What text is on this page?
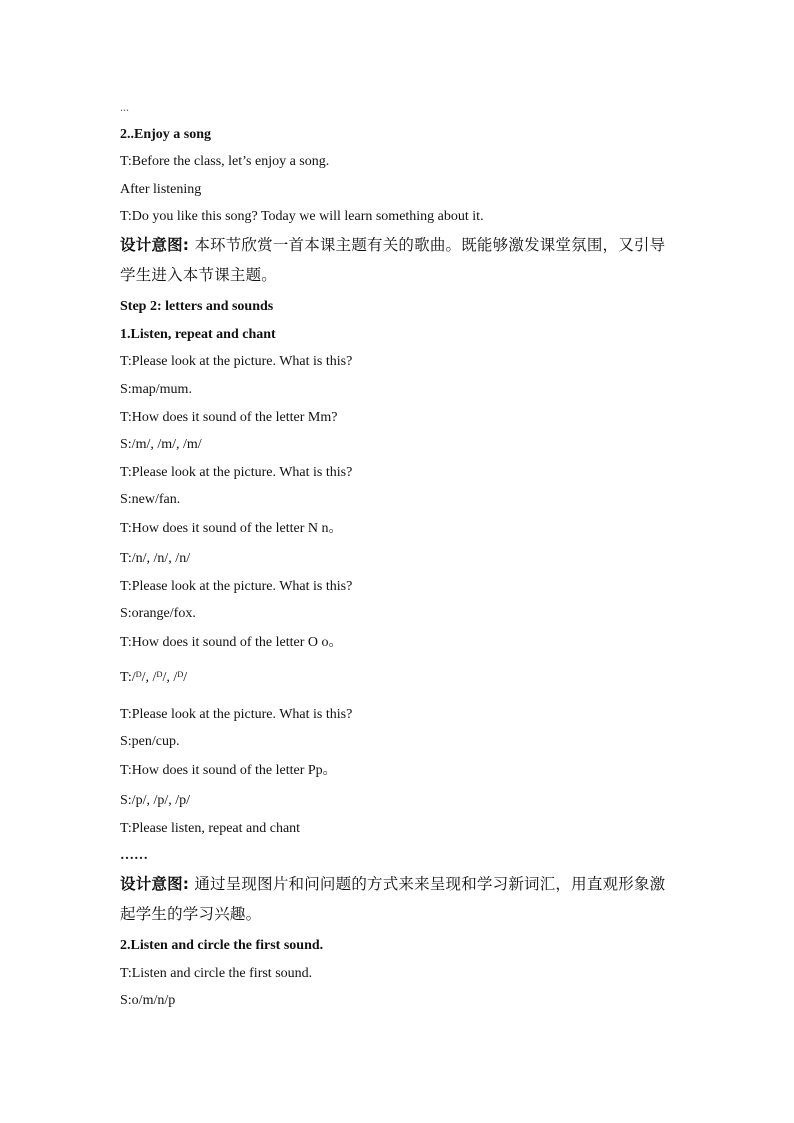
...
2..Enjoy a song
T:Before the class, let’s enjoy a song.
After listening
T:Do you like this song? Today we will learn something about it.
设计意图: 本环节欣赏一首本课主题有关的歌曲。既能够激发课堂氛围，又引导
学生进入本节课主题。
Step 2: letters and sounds
1.Listen, repeat and chant
T:Please look at the picture. What is this?
S:map/mum.
T:How does it sound of the letter Mm?
S:/m/, /m/, /m/
T:Please look at the picture. What is this?
S:new/fan.
T:How does it sound of the letter N n。
T:/n/, /n/, /n/
T:Please look at the picture. What is this?
S:orange/fox.
T:How does it sound of the letter O o。
T:/ᴰ/, /ᴰ/, /ᴰ/
T:Please look at the picture. What is this?
S:pen/cup.
T:How does it sound of the letter Pp。
S:/p/, /p/, /p/
T:Please listen, repeat and chant
……
设计意图: 通过呈现图片和问问题的方式来来呈现和学习新词汇，用直观形象激
起学生的学习兴趣。
2.Listen and circle the first sound.
T:Listen and circle the first sound.
S:o/m/n/p
